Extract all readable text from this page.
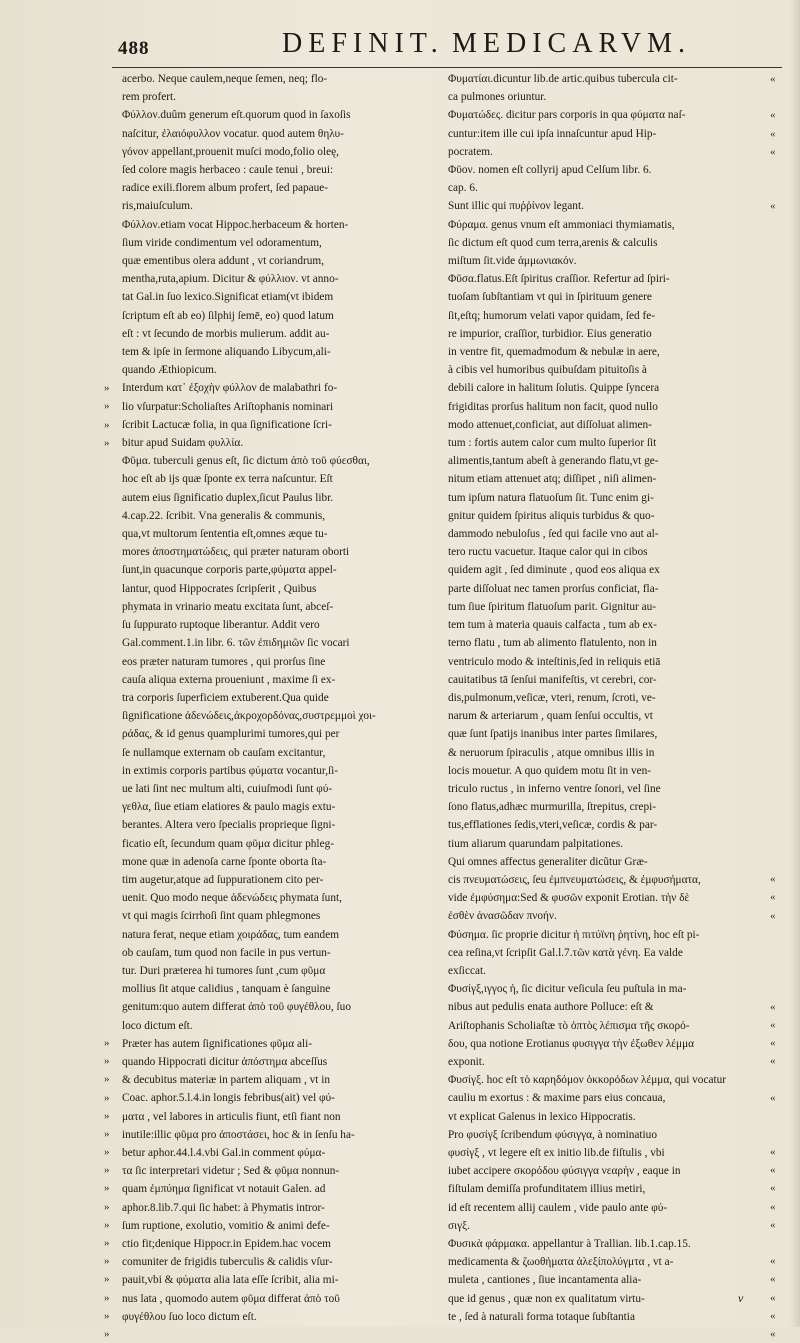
488	DEFINIT. MEDICARVM.
»
»
»
»
»
»
»
»
»
»
»
»
»
»
»
»
»
»
»
»
»

acerbo. Neque caulem,neque ſemen, neq; flo-

rem profert.

Φύλλον.duûm generum eſt.quorum quod in ſaxoſis

naſcitur, ἐλαιόφυλλον vocatur. quod autem θηλυ-

γόνον appellant,prouenit muſci modo,folio oleę,

ſed colore magis herbaceo : caule tenui , breui:

radice exili.florem album profert, ſed papaue-

ris,maiuſculum.

Φύλλον.etiam vocat Hippoc.herbaceum & horten-

ſium viride condimentum vel odoramentum,

quæ ementibus olera addunt , vt coriandrum,

mentha,ruta,apium. Dicitur & φύλλιον. vt anno-

tat Gal.in ſuo lexico.Significat etiam(vt ibidem

ſcriptum eſt ab eo) ſilphij ſemē, eo) quod latum

eſt : vt ſecundo de morbis mulierum. addit au-

tem & ipſe in ſermone aliquando Libycum,ali-

quando Æthiopicum.

Interdum κατ᾽ ἐξοχὴν φύλλον de malabathri fo-

lio vſurpatur:Scholiaſtes Ariſtophanis nominari

ſcribit Lactucæ folia, in qua ſignificatione ſcri-

bitur apud Suidam φυλλία.

Φῦμα. tuberculi genus eſt, ſic dictum ἀπὸ τοῦ φύεσθαι,

hoc eſt ab ijs quæ ſponte ex terra naſcuntur. Eſt

autem eius ſignificatio duplex,ſicut Paulus libr.

4.cap.22. ſcribit. Vna generalis & communis,

qua,vt multorum ſententia eſt,omnes æque tu-

mores ἀποστηματώδεις, qui præter naturam oborti

ſunt,in quacunque corporis parte,φύματα appel-

lantur, quod Hippocrates ſcripſerit , Quibus

phymata in vrinario meatu excitata ſunt, abceſ-

ſu ſuppurato ruptoque liberantur. Addit vero

Gal.comment.1.in libr. 6. τῶν ἐπιδημιῶν ſic vocari

eos præter naturam tumores , qui prorſus ſine

cauſa aliqua externa proueniunt , maxime ſi ex-

tra corporis ſuperficiem extuberent.Qua quide

ſignificatione ἀδενώδεις,ἀκροχορδόνας,συστρεμμοὶ χοι-

ράδας, & id genus quamplurimi tumores,qui per

ſe nullamque externam ob cauſam excitantur,

in extimis corporis partibus φύματα vocantur,ſi-

ue lati ſint nec multum alti, cuiuſmodi ſunt φύ-

γεθλα, ſiue etiam elatiores & paulo magis extu-

berantes. Altera vero ſpecialis proprieque ſigni-

ficatio eſt, ſecundum quam φῦμα dicitur phleg-

mone quæ in adenoſa carne ſponte oborta ſta-

tim augetur,atque ad ſuppurationem cito per-

uenit. Quo modo neque ἀδενώδεις phymata ſunt,

vt qui magis ſcirrhoſi ſint quam phlegmones

natura ferat, neque etiam χοιράδας, tum eandem

ob cauſam, tum quod non facile in pus vertun-

tur. Duri præterea hi tumores ſunt ,cum φῦμα

mollius ſit atque calidius , tanquam è ſanguine

genitum:quo autem differat ἀπὸ τοῦ φυγέθλου, ſuo

loco dictum eſt.

Præter has autem ſignificationes φῦμα ali-

quando Hippocrati dicitur ἀπόστημα abceſſus

& decubitus materiæ in partem aliquam , vt in

Coac. aphor.5.l.4.in longis febribus(ait) vel φύ-

ματα , vel labores in articulis fiunt, etſi fiant non

inutile:illic φῦμα pro ἀποστάσει, hoc & in ſenſu ha-

betur aphor.44.l.4.vbi Gal.in comment φύμα-

τα ſic interpretari videtur ; Sed & φῦμα nonnun-

quam ἐμπύημα ſignificat vt notauit Galen. ad

aphor.8.lib.7.qui ſic habet: à Phymatis intror-

ſum ruptione, exolutio, vomitio & animi defe-

ctio fit;denique Hippocr.in Epidem.hac vocem

comuniter de frigidis tuberculis & calidis vſur-

pauit,vbi & φύματα alia lata eſſe ſcribit, alia mi-

nus lata , quomodo autem φῦμα differat ἀπὸ τοῦ

φυγέθλου ſuo loco dictum eſt.

Φυματίαι.dicuntur lib.de artic.quibus tubercula cit-

ca pulmones oriuntur.

Φυματώδες. dicitur pars corporis in qua φύματα naſ-

cuntur:item ille cui ipſa innaſcuntur apud Hip-

pocratem.

Φῦον. nomen eſt collyrij apud Celſum libr. 6.

cap. 6.

Sunt illic qui πυῤῥίνον legant.

Φύραμα. genus vnum eſt ammoniaci thymiamatis,

ſic dictum eſt quod cum terra,arenis & calculis

miſtum ſit.vide ἀμμωνιακόν.

Φῦσα.flatus.Eſt ſpiritus craſſior. Refertur ad ſpiri-

tuoſam ſubſtantiam vt qui in ſpirituum genere

ſit,eſtq; humorum velati vapor quidam, ſed fe-

re impurior, craſſior, turbidior. Eius generatio

in ventre fit, quemadmodum & nebulæ in aere,

à cibis vel humoribus quibuſdam pituitoſis à

debili calore in halitum ſolutis. Quippe ſyncera

frigiditas prorſus halitum non facit, quod nullo

modo attenuet,conficiat, aut diſſoluat alimen-

tum : fortis autem calor cum multo ſuperior ſit

alimentis,tantum abeſt à generando flatu,vt ge-

nitum etiam attenuet atq; diſſipet , niſi alimen-

tum ipſum natura flatuoſum ſit. Tunc enim gi-

gnitur quidem ſpiritus aliquis turbidus & quo-

dammodo nebuloſus , ſed qui facile vno aut al-

tero ructu vacuetur. Itaque calor qui in cibos

quidem agit , ſed diminute , quod eos aliqua ex

parte diſſoluat nec tamen prorſus conficiat, fla-

tum ſiue ſpiritum flatuoſum parit. Gignitur au-

tem tum à materia quauis calfacta , tum ab ex-

terno flatu , tum ab alimento flatulento, non in

ventriculo modo & inteſtinis,ſed in reliquis etiā

cauitatibus tā ſenſui manifeſtis, vt cerebri, cor-

dis,pulmonum,veſicæ, vteri, renum, ſcroti, ve-

narum & arteriarum , quam ſenſui occultis, vt

quæ ſunt ſpatijs inanibus inter partes ſimilares,

& neruorum ſpiraculis , atque omnibus illis in

locis mouetur. A quo quidem motu ſit in ven-

triculo ructus , in inferno ventre ſonori, vel ſine

ſono flatus,adhæc murmurilla, ſtrepitus, crepi-

tus,efflationes ſedis,vteri,veſicæ, cordis & par-

tium aliarum quarundam palpitationes.

Qui omnes affectus generaliter dicũtur Græ-

cis πνευματώσεις, ſeu ἐμπνευματώσεις, & ἐμφυσήματα,

vide ἐμφύσημα:Sed & φυσῶν exponit Erotian. τὴν δὲ

ἐσθὲν ἀνασῶδαν πνοήν.

Φύσημα. ſic proprie dicitur ἡ πιτύϊνη ῥητίνη, hoc eſt pi-

cea reſina,vt ſcripſit Gal.l.7.τῶν κατὰ γένη. Ea valde

exſiccat.

Φυσίγξ,ιγγος ἡ, ſic dicitur veſicula ſeu puſtula in ma-

nibus aut pedulis enata authore Polluce: eſt &

Ariſtophanis Scholiaſtæ τὸ ὀπτὸς λέπισμα τῆς σκορό-

δου, qua notione Erotianus φυσιγγα τὴν ἐξωθεν λέμμα

exponit.

Φυσίγξ. hoc eſt τὸ καρηδόμον ὀκκορόδων λέμμα, qui vocatur

cauliu m exortus : & maxime pars eius concaua,

vt explicat Galenus in lexico Hippocratis.

Pro φυσίγξ ſcribendum φύσιγγα, à nominatiuo

φυσίγξ , vt legere eſt ex initio lib.de fiſtulis , vbi

iubet accipere σκορόδου φύσιγγα νεαρὴν , eaque in

fiſtulam demiſſa profunditatem illius metiri,

id eſt recentem allij caulem , vide paulo ante φύ-

σιγξ.

Φυσικὰ φάρμακα. appellantur à Trallian. lib.1.cap.15.

medicamenta & ζωοθήματα ἀλεξίπολύγμτα , vt a-

muleta , cantiones , ſiue incantamenta alia-

que id genus , quæ non ex qualitatum virtu-

te , ſed à naturali forma totaque ſubſtantia

«
«
«
«
«
«
«
«
«
«
«
«
«
«
«
«
«
«
«
«
«
«
«
v
